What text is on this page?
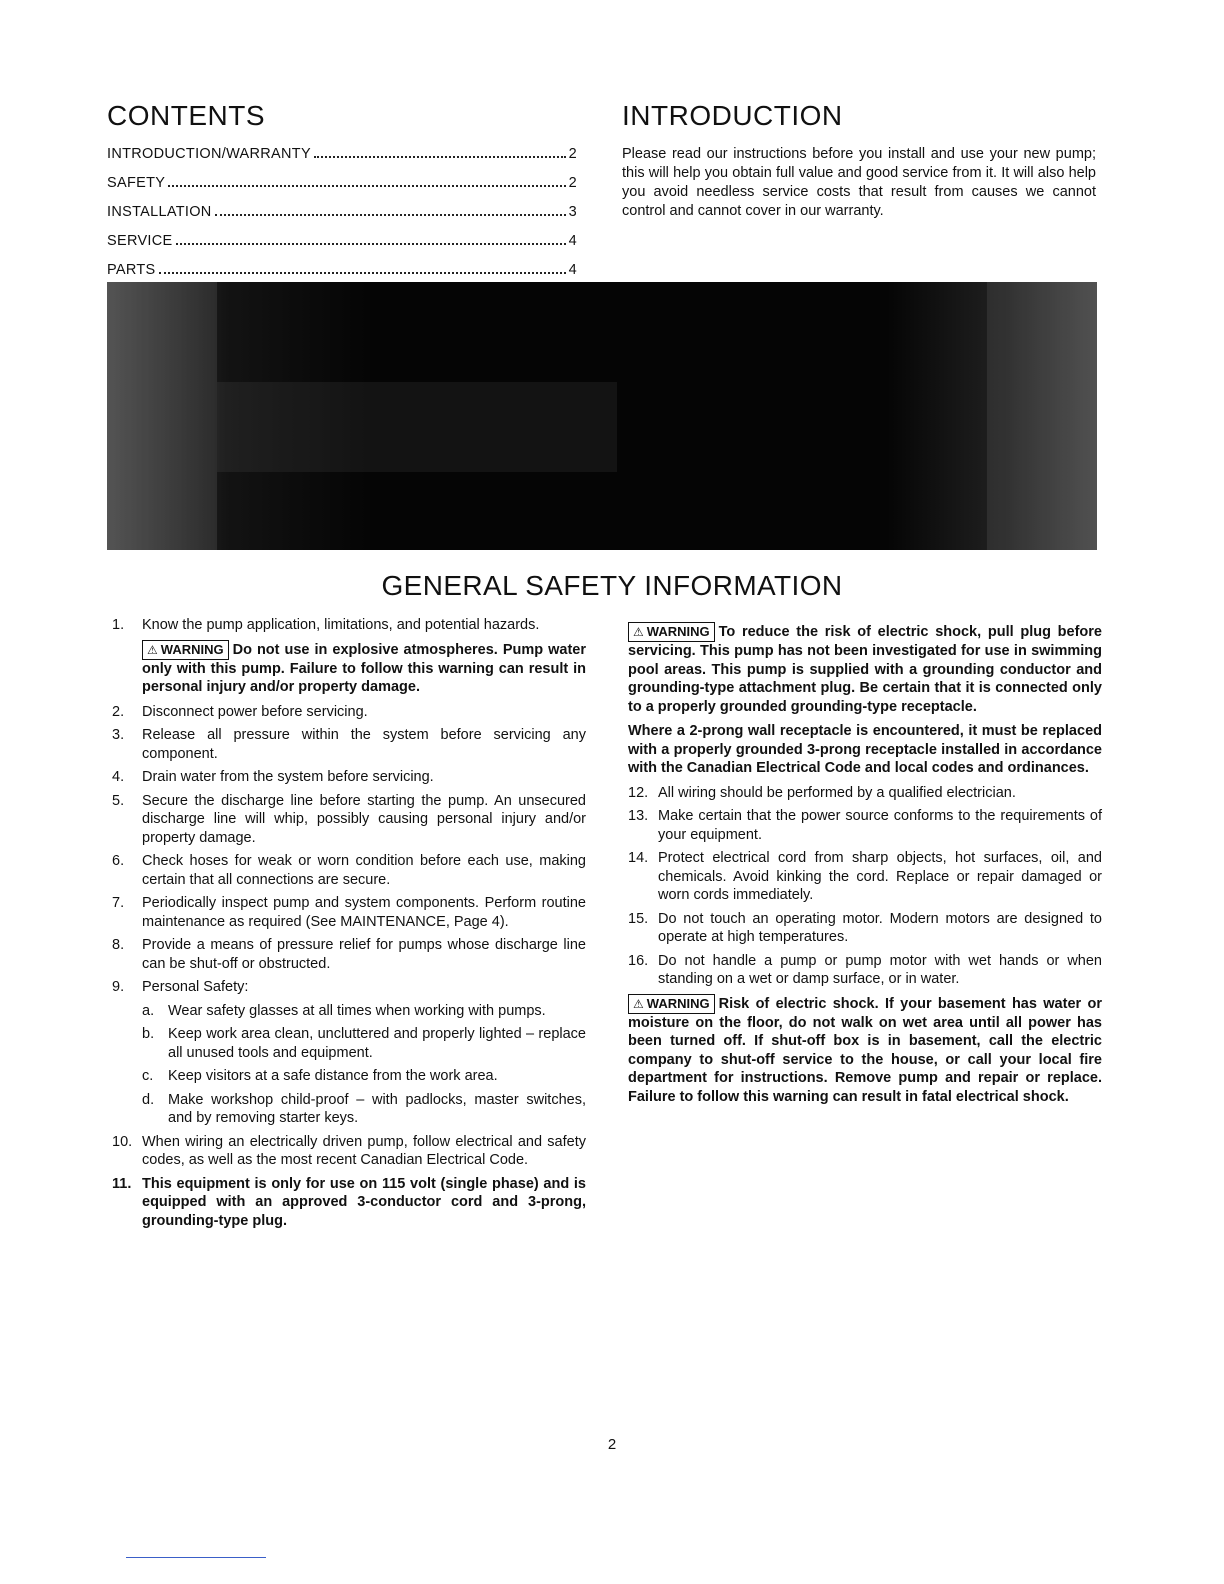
CONTENTS	INTRODUCTION
INTRODUCTION/WARRANTY	2
SAFETY	2
INSTALLATION	3
SERVICE	4
PARTS	4
Please read our instructions before you install and use your new pump; this will help you obtain full value and good service from it. It will also help you avoid needless service costs that result from causes we cannot control and cannot cover in our warranty.
GENERAL SAFETY INFORMATION
1. Know the pump application, limitations, and potential hazards.
⚠ WARNING Do not use in explosive atmospheres. Pump water only with this pump. Failure to follow this warning can result in personal injury and/or property damage.
2. Disconnect power before servicing.
3. Release all pressure within the system before servicing any component.
4. Drain water from the system before servicing.
5. Secure the discharge line before starting the pump. An unsecured discharge line will whip, possibly causing personal injury and/or property damage.
6. Check hoses for weak or worn condition before each use, making certain that all connections are secure.
7. Periodically inspect pump and system components. Perform routine maintenance as required (See MAINTENANCE, Page 4).
8. Provide a means of pressure relief for pumps whose discharge line can be shut-off or obstructed.
9. Personal Safety:
a. Wear safety glasses at all times when working with pumps.
b. Keep work area clean, uncluttered and properly lighted – replace all unused tools and equipment.
c. Keep visitors at a safe distance from the work area.
d. Make workshop child-proof – with padlocks, master switches, and by removing starter keys.
10. When wiring an electrically driven pump, follow electrical and safety codes, as well as the most recent Canadian Electrical Code.
11. This equipment is only for use on 115 volt (single phase) and is equipped with an approved 3-conductor cord and 3-prong, grounding-type plug.
⚠ WARNING To reduce the risk of electric shock, pull plug before servicing. This pump has not been investigated for use in swimming pool areas. This pump is supplied with a grounding conductor and grounding-type attachment plug. Be certain that it is connected only to a properly grounded grounding-type receptacle.
Where a 2-prong wall receptacle is encountered, it must be replaced with a properly grounded 3-prong receptacle installed in accordance with the Canadian Electrical Code and local codes and ordinances.
12. All wiring should be performed by a qualified electrician.
13. Make certain that the power source conforms to the requirements of your equipment.
14. Protect electrical cord from sharp objects, hot surfaces, oil, and chemicals. Avoid kinking the cord. Replace or repair damaged or worn cords immediately.
15. Do not touch an operating motor. Modern motors are designed to operate at high temperatures.
16. Do not handle a pump or pump motor with wet hands or when standing on a wet or damp surface, or in water.
⚠ WARNING Risk of electric shock. If your basement has water or moisture on the floor, do not walk on wet area until all power has been turned off. If shut-off box is in basement, call the electric company to shut-off service to the house, or call your local fire department for instructions. Remove pump and repair or replace. Failure to follow this warning can result in fatal electrical shock.
2
